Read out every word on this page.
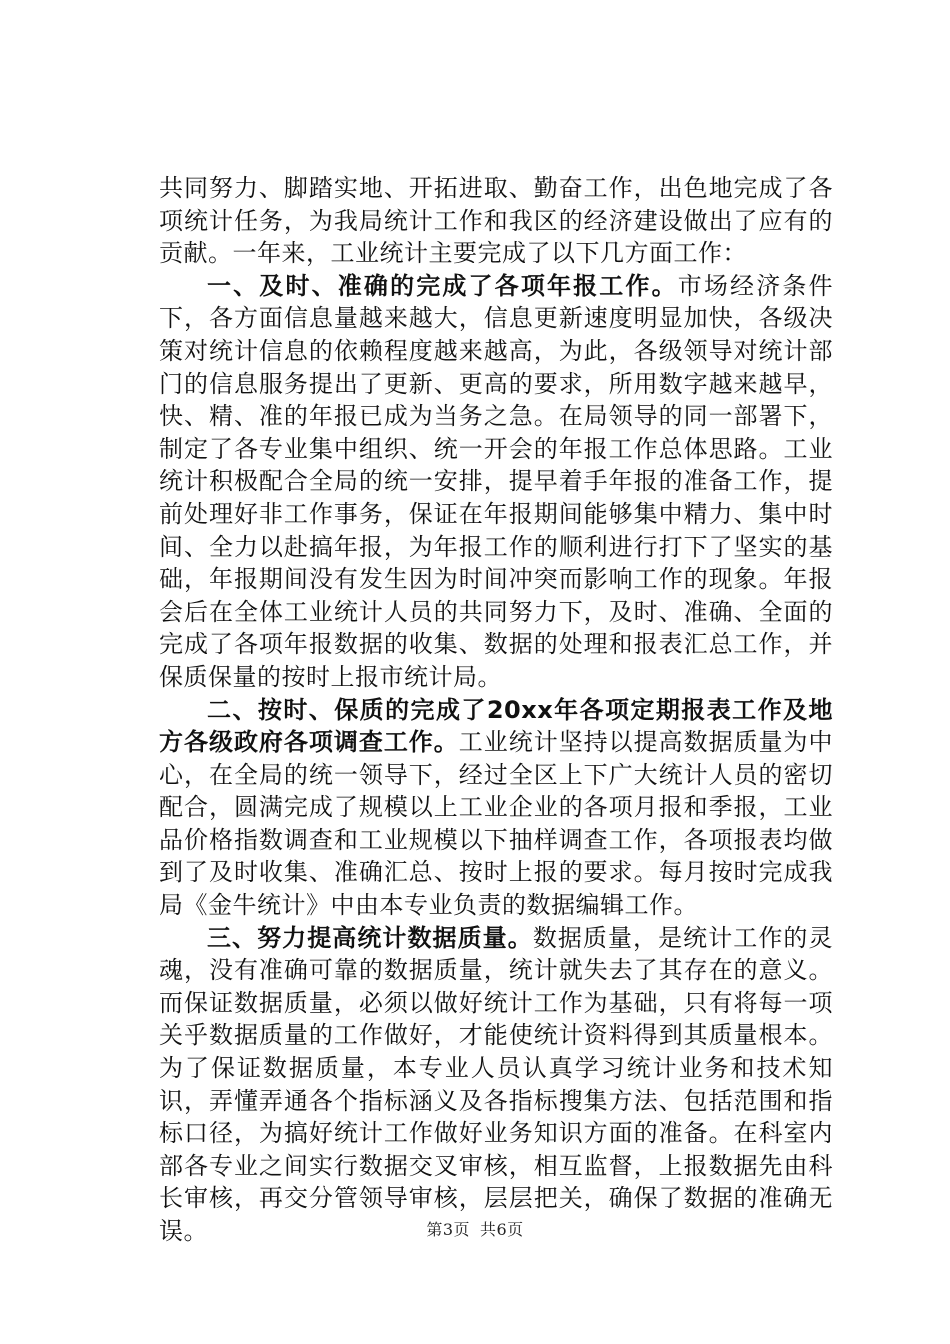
共同努力、脚踏实地、开拓进取、勤奋工作，出色地完成了各项统计任务，为我局统计工作和我区的经济建设做出了应有的贡献。一年来，工业统计主要完成了以下几方面工作：

一、及时、准确的完成了各项年报工作。市场经济条件下，各方面信息量越来越大，信息更新速度明显加快，各级决策对统计信息的依赖程度越来越高，为此，各级领导对统计部门的信息服务提出了更新、更高的要求，所用数字越来越早，快、精、准的年报已成为当务之急。在局领导的同一部署下，制定了各专业集中组织、统一开会的年报工作总体思路。工业统计积极配合全局的统一安排，提早着手年报的准备工作，提前处理好非工作事务，保证在年报期间能够集中精力、集中时间、全力以赴搞年报，为年报工作的顺利进行打下了坚实的基础，年报期间没有发生因为时间冲突而影响工作的现象。年报会后在全体工业统计人员的共同努力下，及时、准确、全面的完成了各项年报数据的收集、数据的处理和报表汇总工作，并保质保量的按时上报市统计局。

二、按时、保质的完成了20xx年各项定期报表工作及地方各级政府各项调查工作。工业统计坚持以提高数据质量为中心，在全局的统一领导下，经过全区上下广大统计人员的密切配合，圆满完成了规模以上工业企业的各项月报和季报，工业品价格指数调查和工业规模以下抽样调查工作，各项报表均做到了及时收集、准确汇总、按时上报的要求。每月按时完成我局《金牛统计》中由本专业负责的数据编辑工作。

三、努力提高统计数据质量。数据质量，是统计工作的灵魂，没有准确可靠的数据质量，统计就失去了其存在的意义。而保证数据质量，必须以做好统计工作为基础，只有将每一项关乎数据质量的工作做好，才能使统计资料得到其质量根本。为了保证数据质量，本专业人员认真学习统计业务和技术知识，弄懂弄通各个指标涵义及各指标搜集方法、包括范围和指标口径，为搞好统计工作做好业务知识方面的准备。在科室内部各专业之间实行数据交叉审核，相互监督，上报数据先由科长审核，再交分管领导审核，层层把关，确保了数据的准确无误。	第3页 共6页
